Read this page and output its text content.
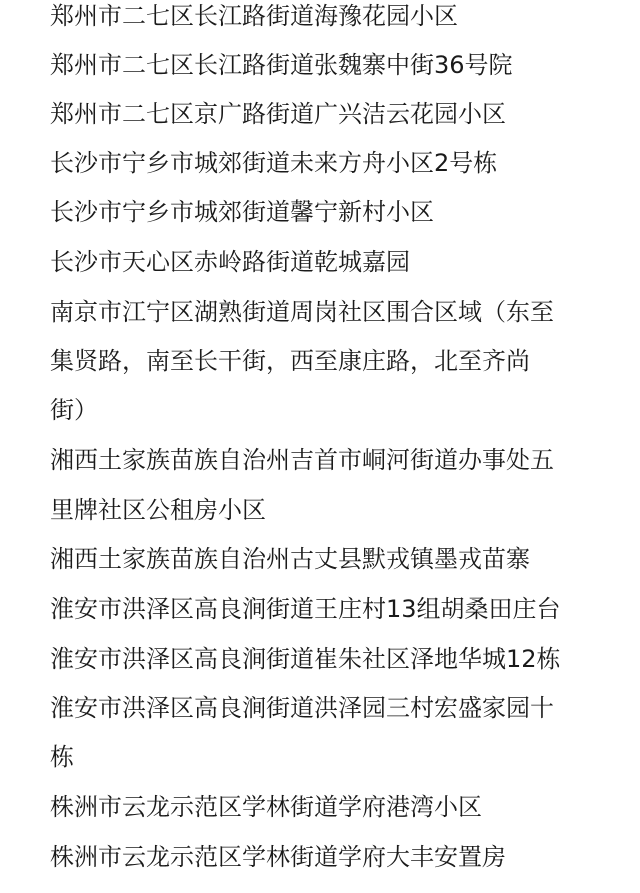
郑州市二七区长江路街道海豫花园小区
郑州市二七区长江路街道张魏寨中街36号院
郑州市二七区京广路街道广兴洁云花园小区
长沙市宁乡市城郊街道未来方舟小区2号栋
长沙市宁乡市城郊街道馨宁新村小区
长沙市天心区赤岭路街道乾城嘉园
南京市江宁区湖熟街道周岗社区围合区域（东至
集贤路，南至长干街，西至康庄路，北至齐尚
街）
湘西土家族苗族自治州吉首市峒河街道办事处五
里牌社区公租房小区
湘西土家族苗族自治州古丈县默戎镇墨戎苗寨
淮安市洪泽区高良涧街道王庄村13组胡桑田庄台
淮安市洪泽区高良涧街道崔朱社区泽地华城12栋
淮安市洪泽区高良涧街道洪泽园三村宏盛家园十
栋
株洲市云龙示范区学林街道学府港湾小区
株洲市云龙示范区学林街道学府大丰安置房
